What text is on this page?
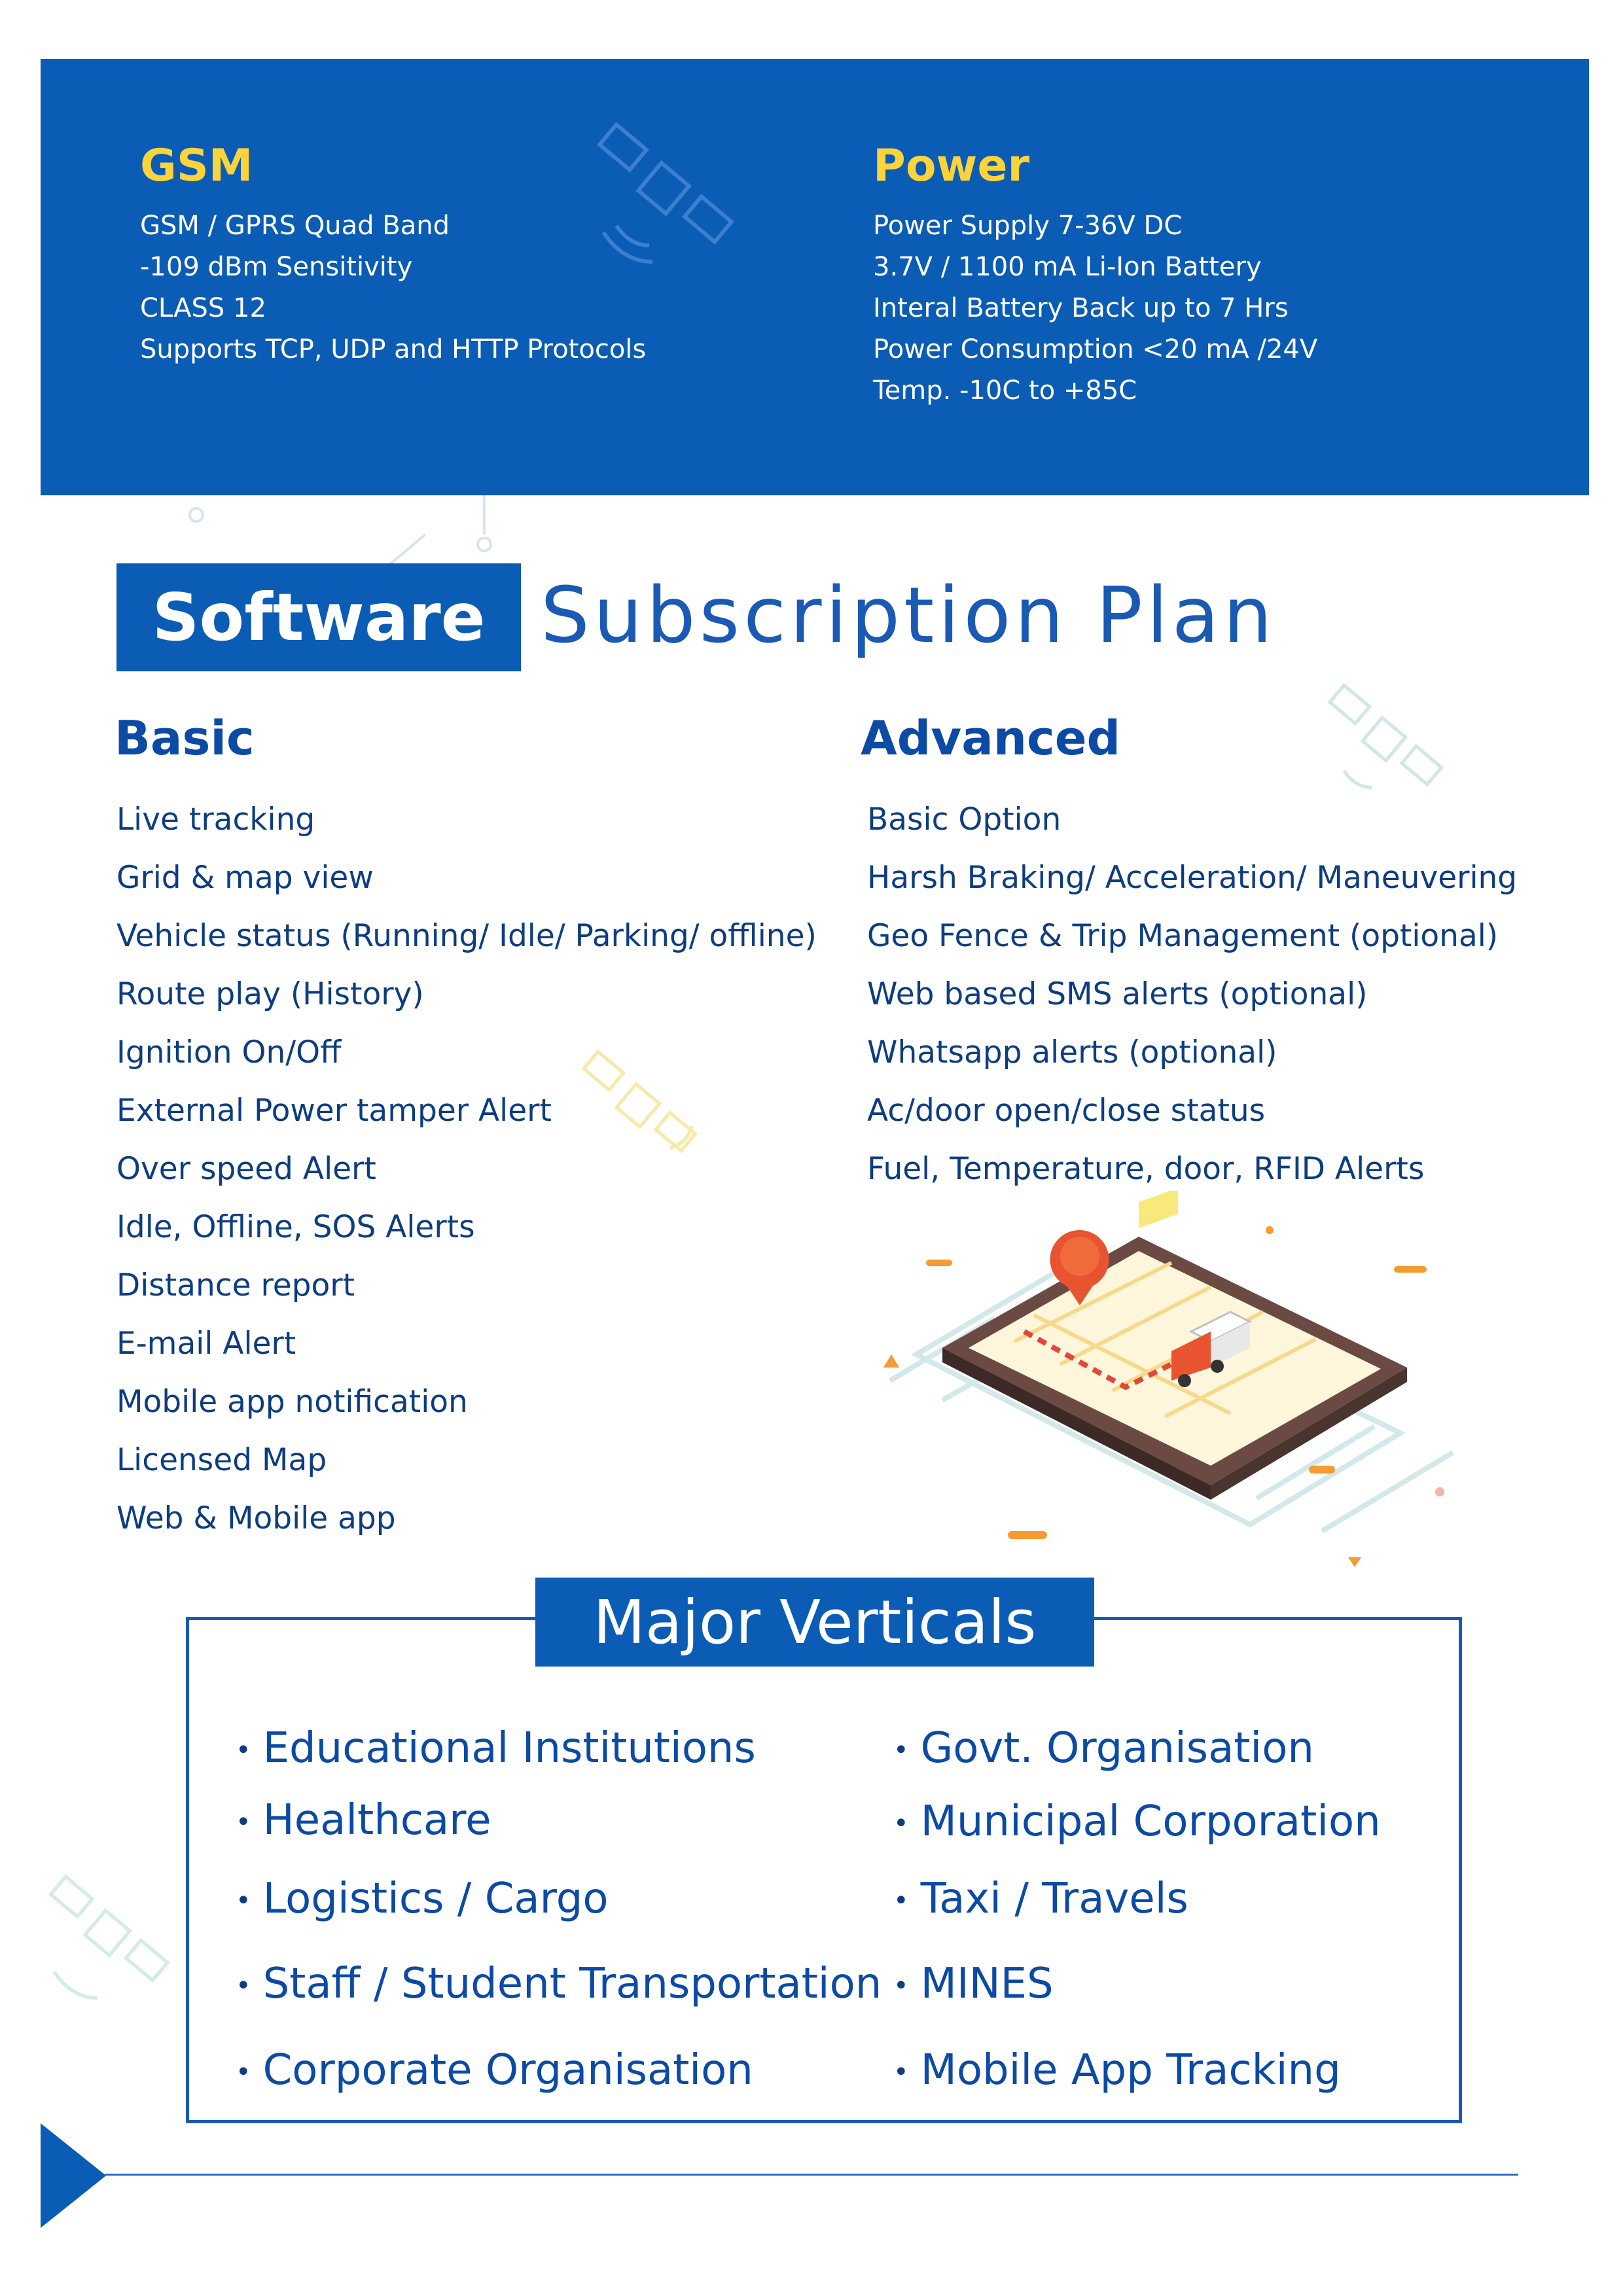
GSM
GSM / GPRS Quad Band
-109 dBm Sensitivity
CLASS 12
Supports TCP, UDP and HTTP Protocols
Power
Power Supply 7-36V DC
3.7V / 1100 mA Li-Ion Battery
Interal Battery Back up to 7 Hrs
Power Consumption <20 mA /24V
Temp. -10C to +85C
Software Subscription Plan
Basic
Live tracking
Grid & map view
Vehicle status (Running/ Idle/ Parking/ offline)
Route play (History)
Ignition On/Off
External Power tamper Alert
Over speed Alert
Idle, Offline, SOS Alerts
Distance report
E-mail Alert
Mobile app notification
Licensed Map
Web & Mobile app
Advanced
Basic Option
Harsh Braking/ Acceleration/ Maneuvering
Geo Fence & Trip Management (optional)
Web based SMS alerts (optional)
Whatsapp alerts (optional)
Ac/door open/close status
Fuel, Temperature, door, RFID Alerts
Major Verticals
• Educational Institutions
• Healthcare
• Logistics / Cargo
• Staff / Student Transportation
• Corporate Organisation
• Govt. Organisation
• Municipal Corporation
• Taxi / Travels
• MINES
• Mobile App Tracking
